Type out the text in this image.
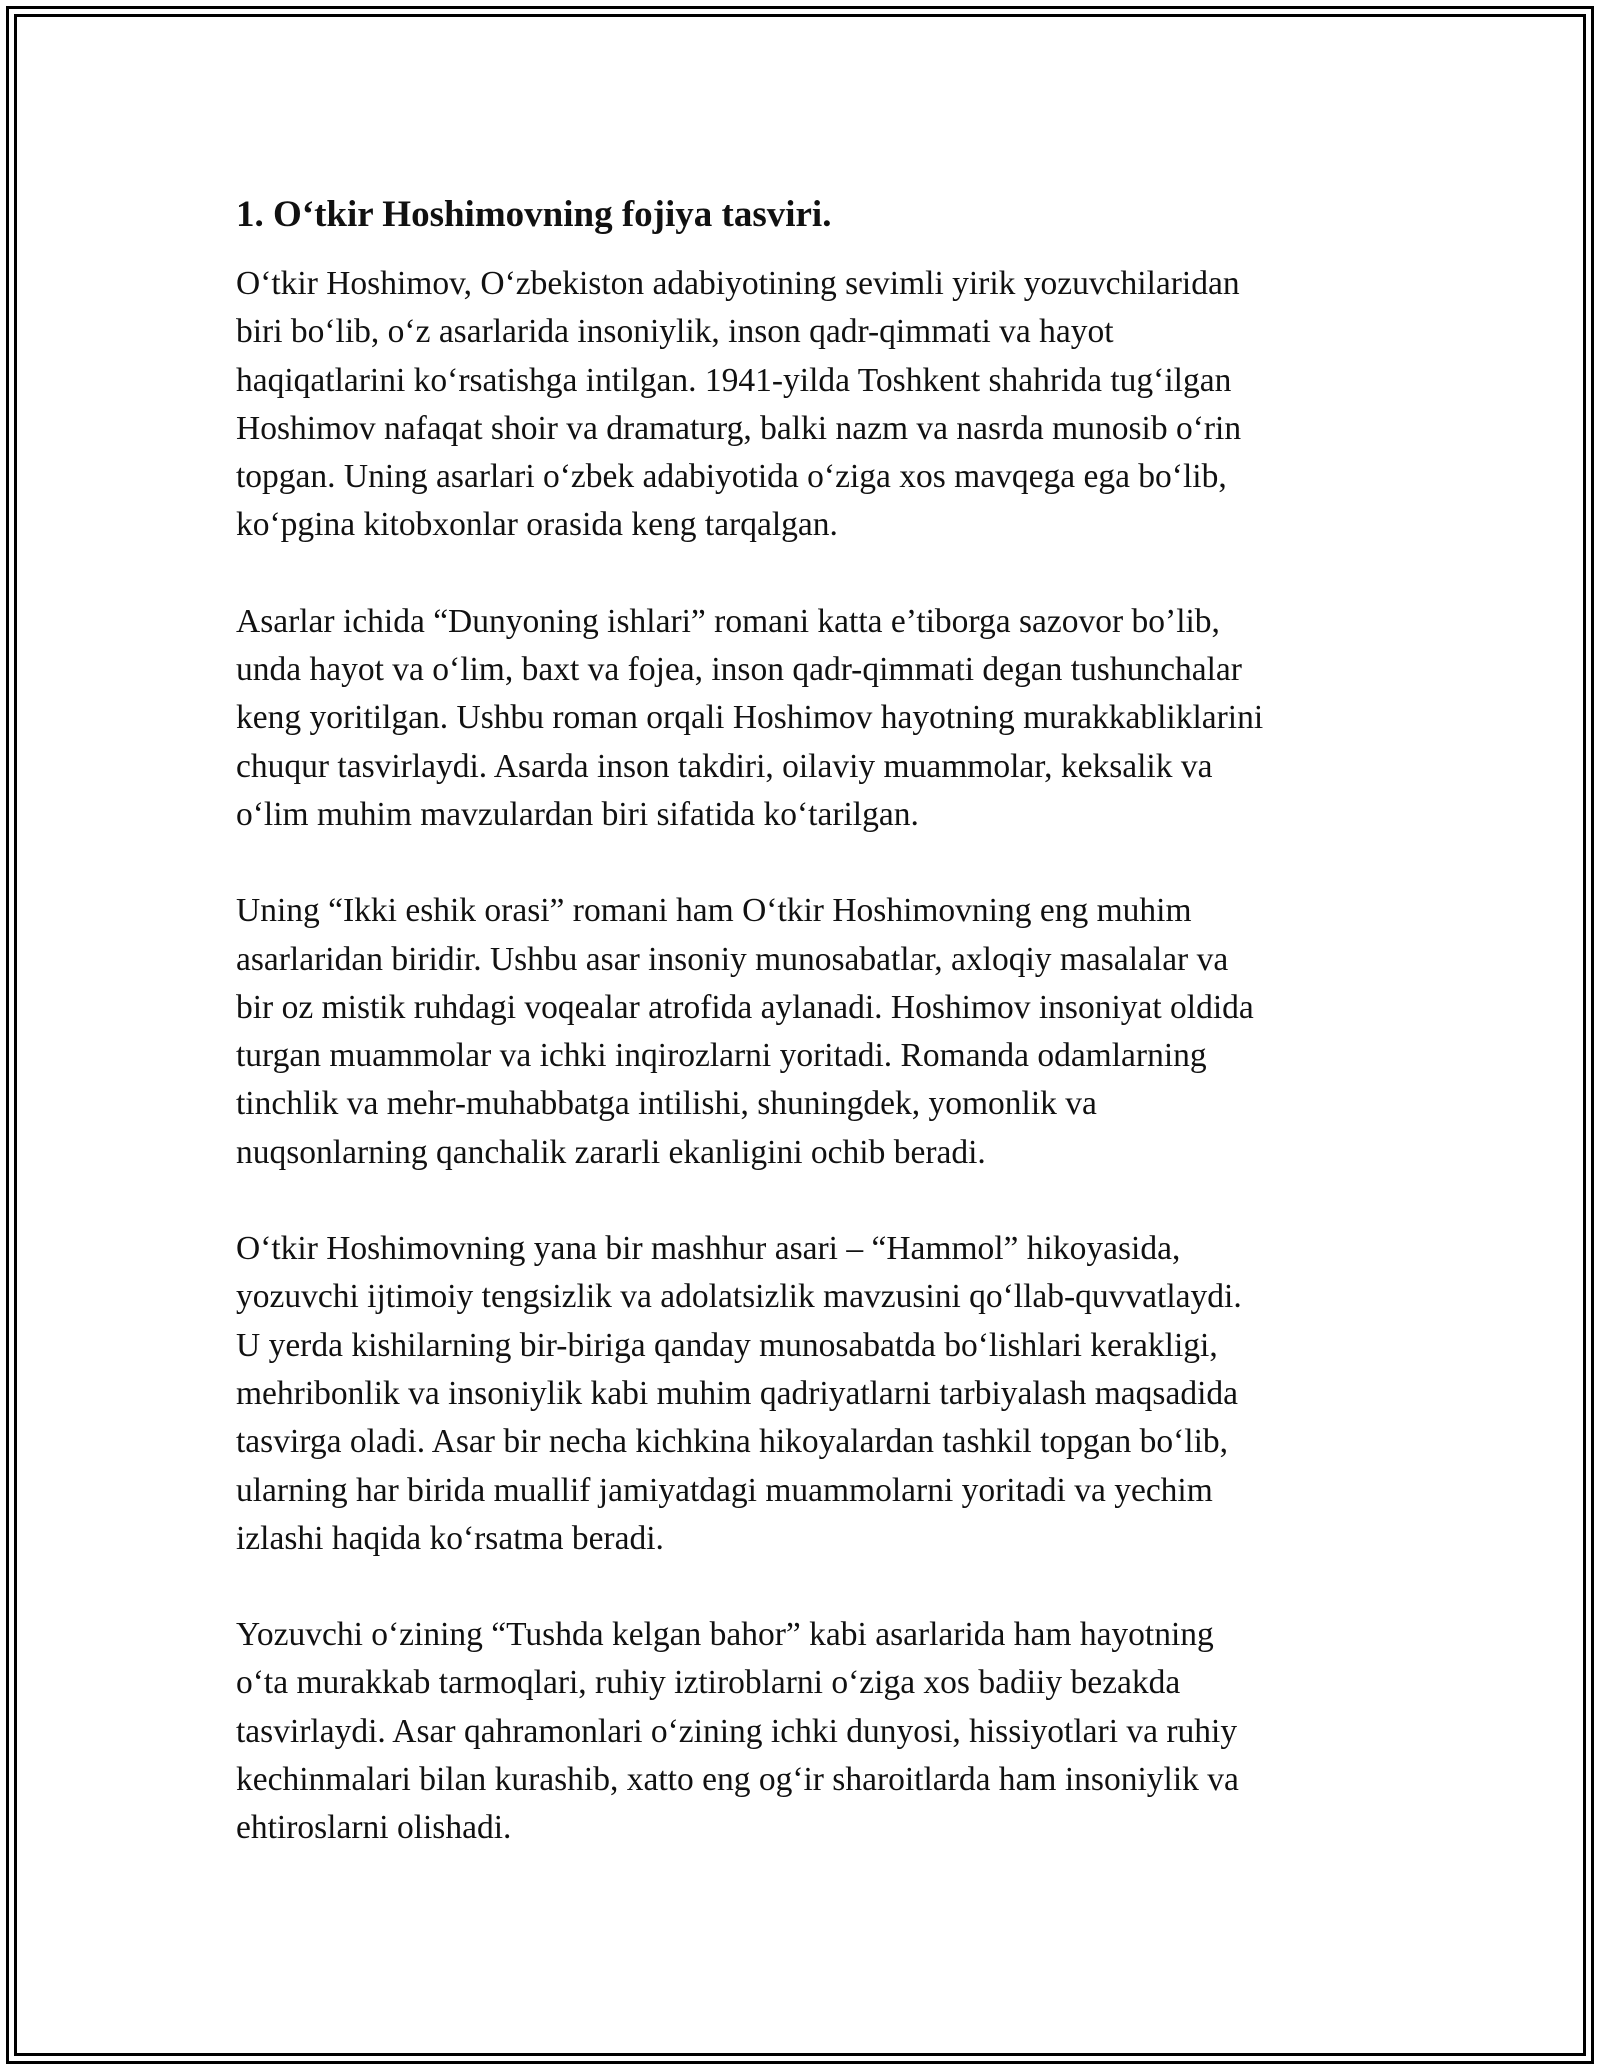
1. O‘tkir Hoshimovning fojiya tasviri.

O‘tkir Hoshimov, O‘zbekiston adabiyotining sevimli yirik yozuvchilaridan
biri bo‘lib, o‘z asarlarida insoniylik, inson qadr-qimmati va hayot
haqiqatlarini ko‘rsatishga intilgan. 1941-yilda Toshkent shahrida tug‘ilgan
Hoshimov nafaqat shoir va dramaturg, balki nazm va nasrda munosib o‘rin
topgan. Uning asarlari o‘zbek adabiyotida o‘ziga xos mavqega ega bo‘lib,
ko‘pgina kitobxonlar orasida keng tarqalgan.

Asarlar ichida “Dunyoning ishlari” romani katta e’tiborga sazovor bo’lib,
unda hayot va o‘lim, baxt va fojea, inson qadr-qimmati degan tushunchalar
keng yoritilgan. Ushbu roman orqali Hoshimov hayotning murakkabliklarini
chuqur tasvirlaydi. Asarda inson takdiri, oilaviy muammolar, keksalik va
o‘lim muhim mavzulardan biri sifatida ko‘tarilgan.

Uning “Ikki eshik orasi” romani ham O‘tkir Hoshimovning eng muhim
asarlaridan biridir. Ushbu asar insoniy munosabatlar, axloqiy masalalar va
bir oz mistik ruhdagi voqealar atrofida aylanadi. Hoshimov insoniyat oldida
turgan muammolar va ichki inqirozlarni yoritadi. Romanda odamlarning
tinchlik va mehr-muhabbatga intilishi, shuningdek, yomonlik va
nuqsonlarning qanchalik zararli ekanligini ochib beradi.

O‘tkir Hoshimovning yana bir mashhur asari – “Hammol” hikoyasida,
yozuvchi ijtimoiy tengsizlik va adolatsizlik mavzusini qo‘llab-quvvatlaydi.
U yerda kishilarning bir-biriga qanday munosabatda bo‘lishlari kerakligi,
mehribonlik va insoniylik kabi muhim qadriyatlarni tarbiyalash maqsadida
tasvirga oladi. Asar bir necha kichkina hikoyalardan tashkil topgan bo‘lib,
ularning har birida muallif jamiyatdagi muammolarni yoritadi va yechim
izlashi haqida ko‘rsatma beradi.

Yozuvchi o‘zining “Tushda kelgan bahor” kabi asarlarida ham hayotning
o‘ta murakkab tarmoqlari, ruhiy iztiroblarni o‘ziga xos badiiy bezakda
tasvirlaydi. Asar qahramonlari o‘zining ichki dunyosi, hissiyotlari va ruhiy
kechinmalari bilan kurashib, xatto eng og‘ir sharoitlarda ham insoniylik va
ehtiroslarni olishadi.
